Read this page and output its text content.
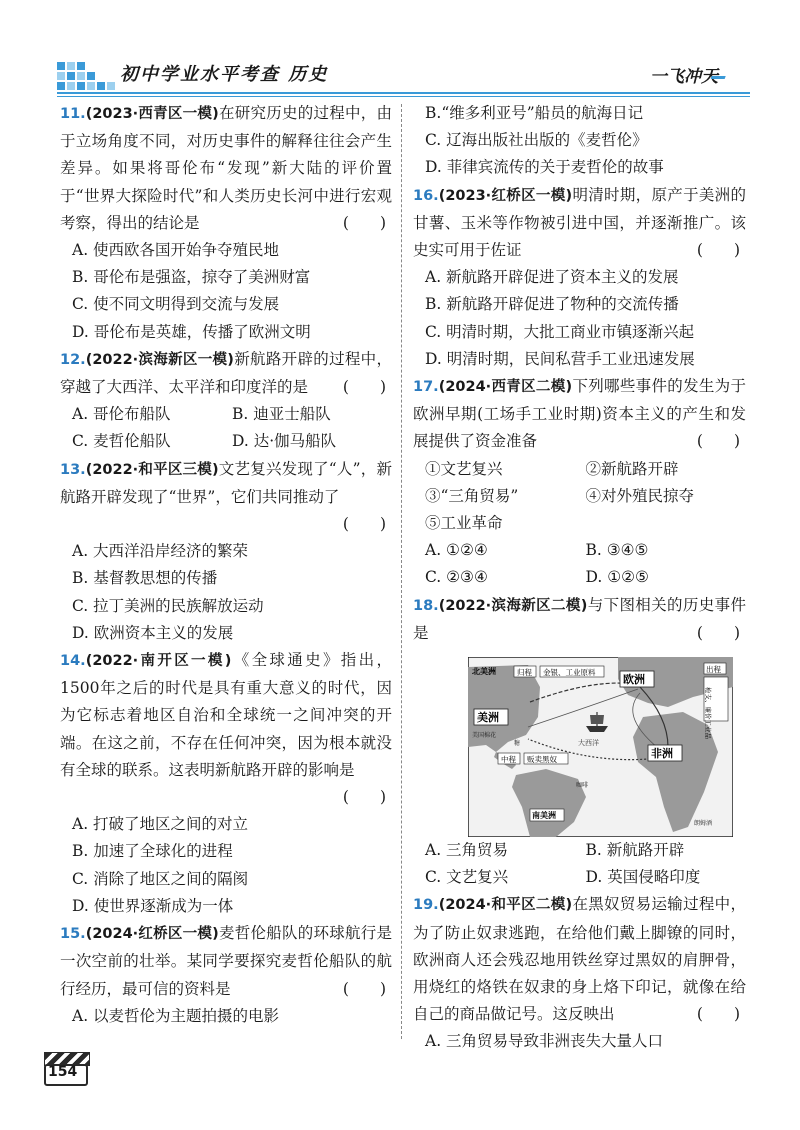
初中学业水平考查 历史	一飞冲天
11.(2023·西青区一模)在研究历史的过程中，由于立场角度不同，对历史事件的解释往往会产生差异。如果将哥伦布“发现”新大陆的评价置于“世界大探险时代”和人类历史长河中进行宏观考察，得出的结论是	(　　)
A. 使西欧各国开始争夺殖民地
B. 哥伦布是强盗，掠夺了美洲财富
C. 使不同文明得到交流与发展
D. 哥伦布是英雄，传播了欧洲文明
12.(2022·滨海新区一模)新航路开辟的过程中，穿越了大西洋、太平洋和印度洋的是 (　　)
A. 哥伦布船队	B. 迪亚士船队
C. 麦哲伦船队	D. 达·伽马船队
13.(2022·和平区三模)文艺复兴发现了“人”，新航路开辟发现了“世界”，它们共同推动了
(　　)
A. 大西洋沿岸经济的繁荣
B. 基督教思想的传播
C. 拉丁美洲的民族解放运动
D. 欧洲资本主义的发展
14.(2022·南开区一模)《全球通史》指出，1500年之后的时代是具有重大意义的时代，因为它标志着地区自治和全球统一之间冲突的开端。在这之前，不存在任何冲突，因为根本就没有全球的联系。这表明新航路开辟的影响是
(　　)
A. 打破了地区之间的对立
B. 加速了全球化的进程
C. 消除了地区之间的隔阂
D. 使世界逐渐成为一体
15.(2024·红桥区一模)麦哲伦船队的环球航行是一次空前的壮举。某同学要探究麦哲伦船队的航行经历，最可信的资料是	(　　)
A. 以麦哲伦为主题拍摄的电影
B.“维多利亚号”船员的航海日记
C. 辽海出版社出版的《麦哲伦》
D. 菲律宾流传的关于麦哲伦的故事
16.(2023·红桥区一模)明清时期，原产于美洲的甘薯、玉米等作物被引进中国，并逐渐推广。该史实可用于佐证	(　　)
A. 新航路开辟促进了资本主义的发展
B. 新航路开辟促进了物种的交流传播
C. 明清时期，大批工商业市镇逐渐兴起
D. 明清时期，民间私营手工业迅速发展
17.(2024·西青区二模)下列哪些事件的发生为于欧洲早期(工场手工业时期)资本主义的产生和发展提供了资金准备	(　　)
①文艺复兴	②新航路开辟
③“三角贸易”	④对外殖民掠夺
⑤工业革命
A. ①②④	B. ③④⑤
C. ②③④	D. ①②⑤
18.(2022·滨海新区二模)与下图相关的历史事件是	(　　)
北美洲	归程 金银、工业原料
美洲
欧洲
非洲
中程 贩卖黑奴
南美洲
出程
枪支、廉价工业品
大西洋
美国棉花
糖
咖啡
朗姆酒
A. 三角贸易	B. 新航路开辟
C. 文艺复兴	D. 英国侵略印度
19.(2024·和平区二模)在黑奴贸易运输过程中，为了防止奴隶逃跑，在给他们戴上脚镣的同时，欧洲商人还会残忍地用铁丝穿过黑奴的肩胛骨，用烧红的烙铁在奴隶的身上烙下印记，就像在给自己的商品做记号。这反映出	(　　)
A. 三角贸易导致非洲丧失大量人口
154
